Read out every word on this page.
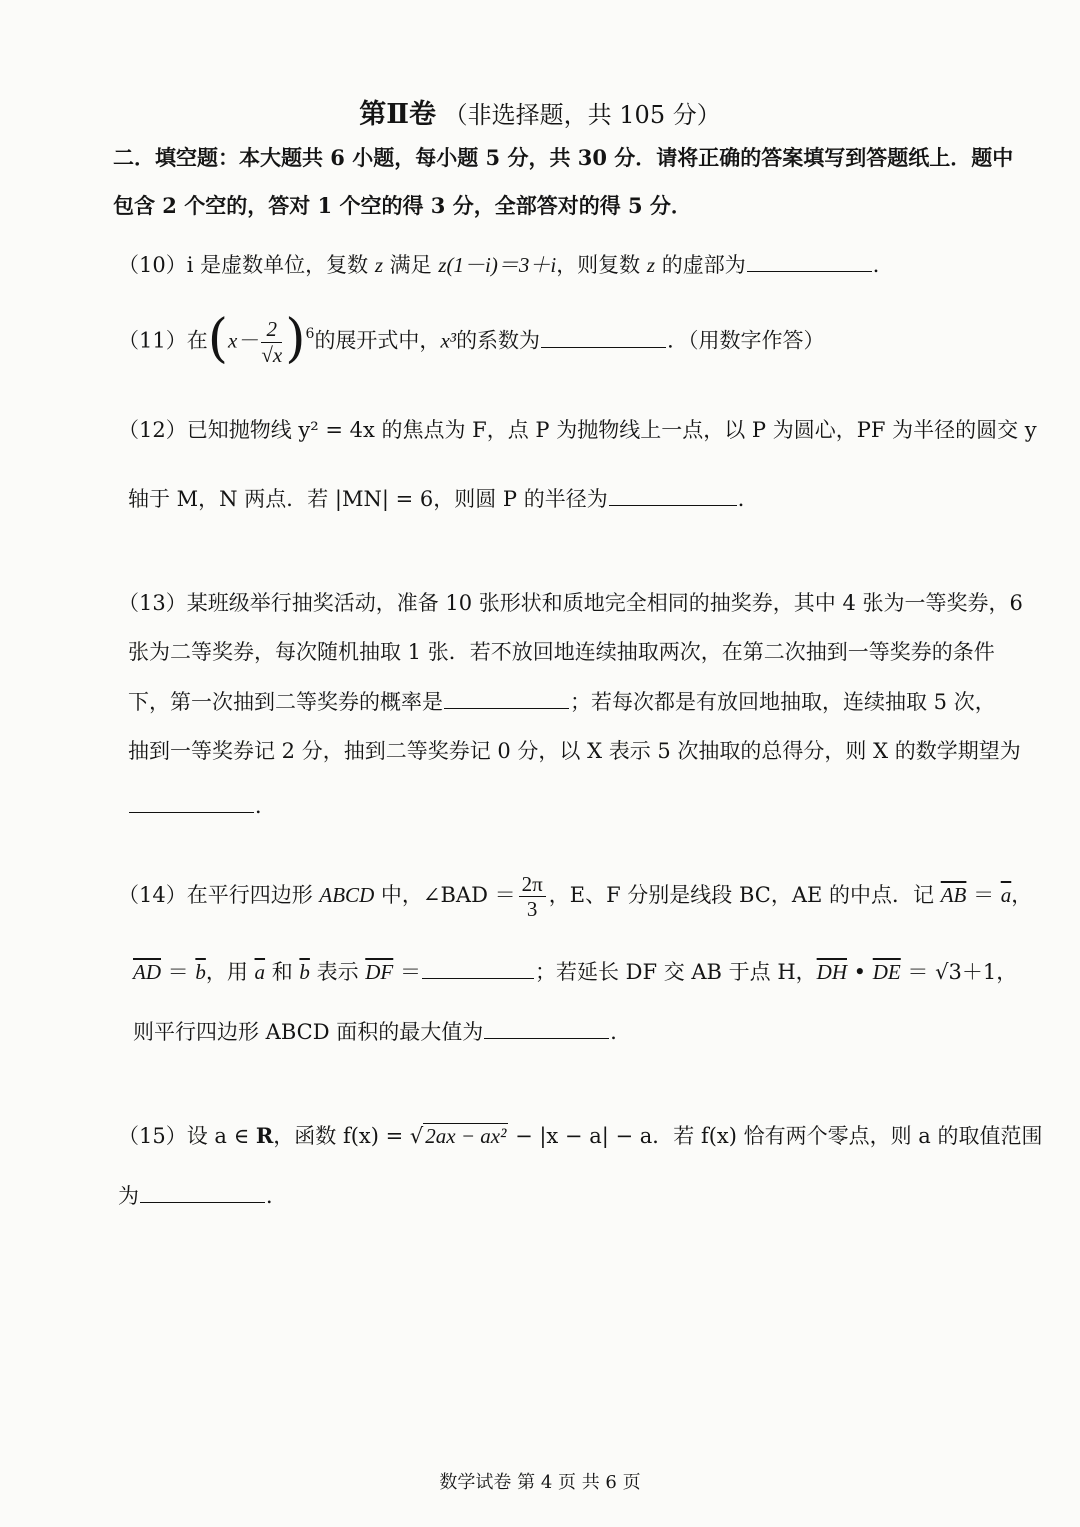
第Ⅱ卷 （非选择题，共 105 分）
二．填空题：本大题共 6 小题，每小题 5 分，共 30 分．请将正确的答案填写到答题纸上．题中
包含 2 个空的，答对 1 个空的得 3 分，全部答对的得 5 分．
（10）i 是虚数单位，复数 z 满足 z(1－i)＝3＋i，则复数 z 的虚部为	．
（11）在$(x- \frac{2}{√x} )^6$的展开式中，x³的系数为	．（用数字作答）
（12）已知抛物线 y² = 4x 的焦点为 F，点 P 为抛物线上一点，以 P 为圆心，PF 为半径的圆交 y
轴于 M，N 两点．若 |MN| = 6，则圆 P 的半径为	．
（13）某班级举行抽奖活动，准备 10 张形状和质地完全相同的抽奖券，其中 4 张为一等奖券，6
张为二等奖券，每次随机抽取 1 张．若不放回地连续抽取两次，在第二次抽到一等奖券的条件
下，第一次抽到二等奖券的概率是	；若每次都是有放回地抽取，连续抽取 5 次，
抽到一等奖券记 2 分，抽到二等奖券记 0 分，以 X 表示 5 次抽取的总得分，则 X 的数学期望为
．
（14）在平行四边形 ABCD 中，∠BAD ＝ $\frac{2\pi}{3}$ ，E、F 分别是线段 BC，AE 的中点．记 $\overline{AB} = \overline{a}$，
$\overline{AD} = \overline{b}$，用 $\overline{a}$ 和 $\overline{b}$ 表示 $\overline{DF}$ ＝	；若延长 DF 交 AB 于点 H，$\overline{DH}$ • $\overline{DE} = √3+1$，
则平行四边形 ABCD 面积的最大值为	．
（15）设 a ∈ R，函数 f(x) = √2ax − ax² − |x − a| − a．若 f(x) 恰有两个零点，则 a 的取值范围
为	．
数学试卷 第 4 页 共 6 页
